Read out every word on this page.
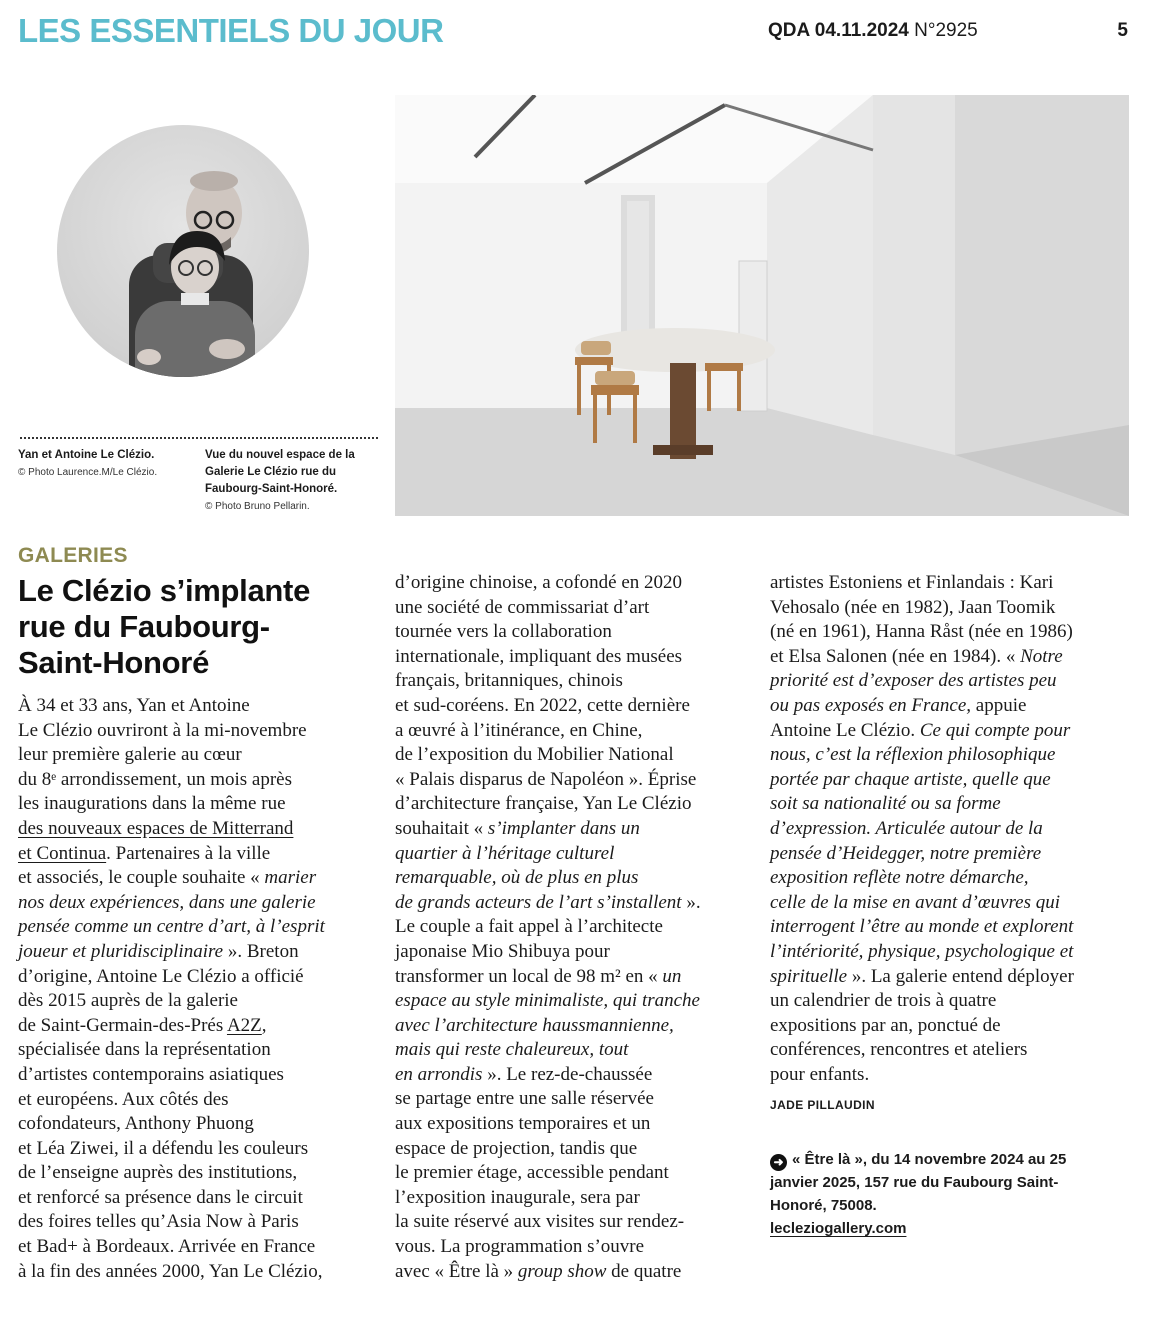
LES ESSENTIELS DU JOUR	QDA 04.11.2024 N°2925	5
Yan et Antoine Le Clézio.
© Photo Laurence.M/Le Clézio.
Vue du nouvel espace de la
Galerie Le Clézio rue du
Faubourg-Saint-Honoré.
© Photo Bruno Pellarin.
GALERIES
Le Clézio s’implante
rue du Faubourg-
Saint-Honoré

À 34 et 33 ans, Yan et Antoine

Le Clézio ouvriront à la mi-novembre

leur première galerie au cœur

du 8ᵉ arrondissement, un mois après

les inaugurations dans la même rue

des nouveaux espaces de Mitterrand

et Continua. Partenaires à la ville

et associés, le couple souhaite « marier

nos deux expériences, dans une galerie

pensée comme un centre d’art, à l’esprit

joueur et pluridisciplinaire ». Breton

d’origine, Antoine Le Clézio a officié

dès 2015 auprès de la galerie

de Saint-Germain-des-Prés A2Z,

spécialisée dans la représentation

d’artistes contemporains asiatiques

et européens. Aux côtés des

cofondateurs, Anthony Phuong

et Léa Ziwei, il a défendu les couleurs

de l’enseigne auprès des institutions,

et renforcé sa présence dans le circuit

des foires telles qu’Asia Now à Paris

et Bad+ à Bordeaux. Arrivée en France

à la fin des années 2000, Yan Le Clézio,

d’origine chinoise, a cofondé en 2020

une société de commissariat d’art

tournée vers la collaboration

internationale, impliquant des musées

français, britanniques, chinois

et sud-coréens. En 2022, cette dernière

a œuvré à l’itinérance, en Chine,

de l’exposition du Mobilier National

« Palais disparus de Napoléon ». Éprise

d’architecture française, Yan Le Clézio

souhaitait « s’implanter dans un

quartier à l’héritage culturel

remarquable, où de plus en plus

de grands acteurs de l’art s’installent ».

Le couple a fait appel à l’architecte

japonaise Mio Shibuya pour

transformer un local de 98 m² en « un

espace au style minimaliste, qui tranche

avec l’architecture haussmannienne,

mais qui reste chaleureux, tout

en arrondis ». Le rez-de-chaussée

se partage entre une salle réservée

aux expositions temporaires et un

espace de projection, tandis que

le premier étage, accessible pendant

l’exposition inaugurale, sera par

la suite réservé aux visites sur rendez-

vous. La programmation s’ouvre

avec « Être là » group show de quatre

artistes Estoniens et Finlandais : Kari

Vehosalo (née en 1982), Jaan Toomik

(né en 1961), Hanna Råst (née en 1986)

et Elsa Salonen (née en 1984). « Notre

priorité est d’exposer des artistes peu

ou pas exposés en France, appuie

Antoine Le Clézio. Ce qui compte pour

nous, c’est la réflexion philosophique

portée par chaque artiste, quelle que

soit sa nationalité ou sa forme

d’expression. Articulée autour de la

pensée d’Heidegger, notre première

exposition reflète notre démarche,

celle de la mise en avant d’œuvres qui

interrogent l’être au monde et explorent

l’intériorité, physique, psychologique et

spirituelle ». La galerie entend déployer

un calendrier de trois à quatre

expositions par an, ponctué de

conférences, rencontres et ateliers

pour enfants.

JADE PILLAUDIN

➜ « Être là », du 14 novembre 2024 au 25

janvier 2025, 157 rue du Faubourg Saint-

Honoré, 75008.

lecleziogallery.com
